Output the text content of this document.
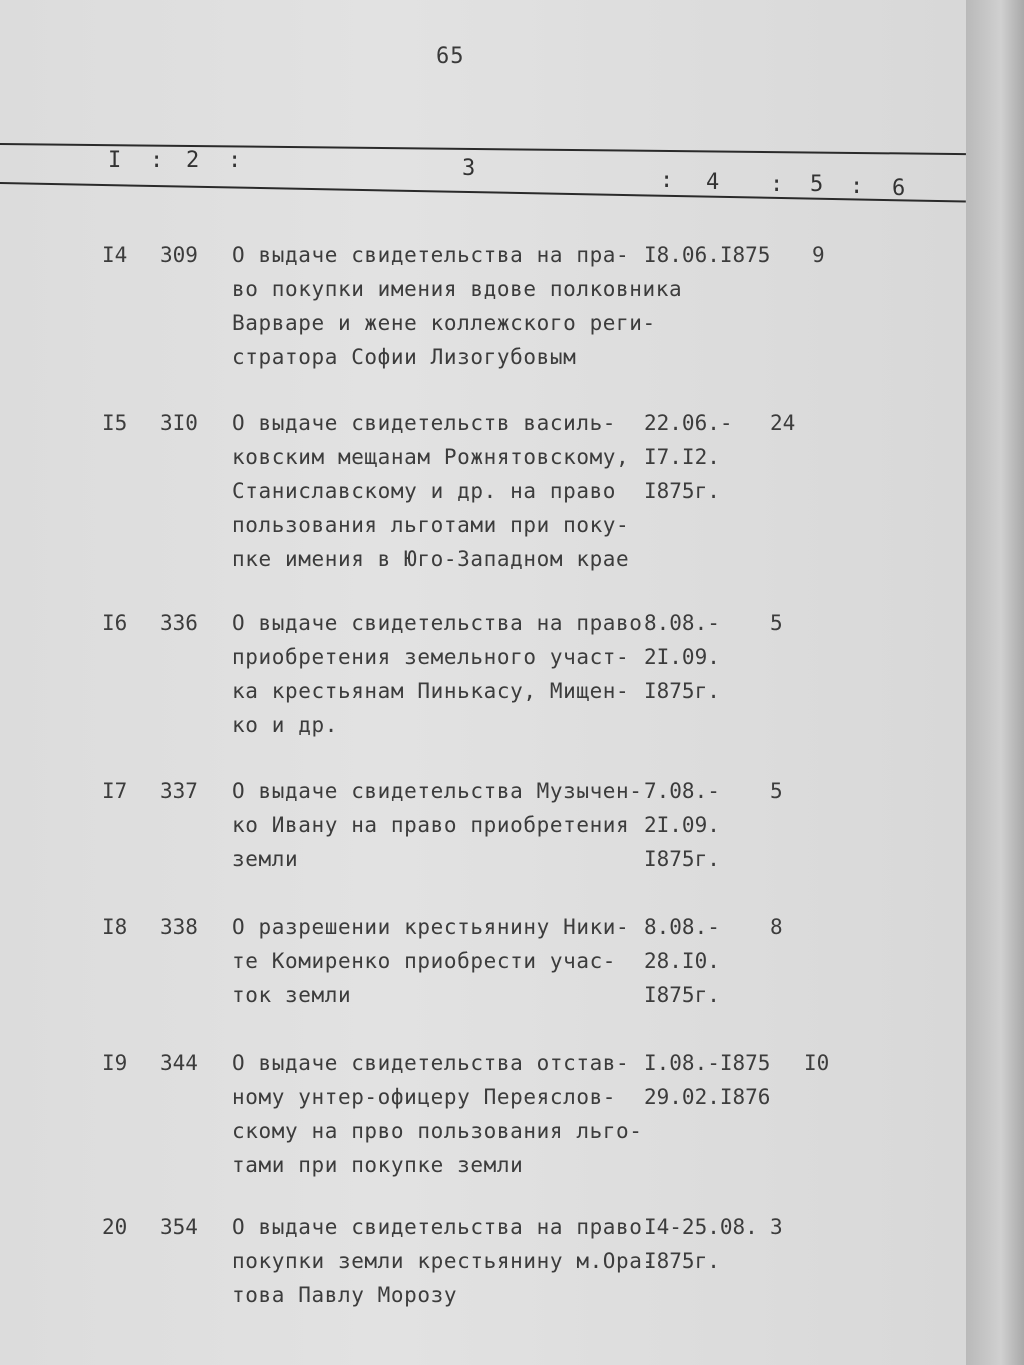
65
I : 2 :	3	: 4 : 5 : 6
I4 309 О выдаче свидетельства на пра-
во покупки имения вдове полковника
Варваре и жене коллежского реги-
стратора Софии Лизогубовым
I8.06.I875 9
I5 3I0 О выдаче свидетельств василь-
ковским мещанам Рожнятовскому,
Станиславскому и др. на право
пользования льготами при поку-
пке имения в Юго-Западном крае
22.06.-
I7.I2.
I875г.
24
I6 336 О выдаче свидетельства на право
приобретения земельного участ-
ка крестьянам Пинькасу, Мищен-
ко и др.
8.08.-
2I.09.
I875г.
5
I7 337 О выдаче свидетельства Музычен-
ко Ивану на право приобретения
земли
7.08.-
2I.09.
I875г.
5
I8 338 О разрешении крестьянину Ники-
те Комиренко приобрести учас-
ток земли
8.08.-
28.I0.
I875г.
8
I9 344 О выдаче свидетельства отстав-
ному унтер-офицеру Переяслов-
скому на прво пользования льго-
тами при покупке земли
I.08.-I875
29.02.I876
I0
20 354 О выдаче свидетельства на право
покупки земли крестьянину м.Ора-
това Павлу Морозу
I4-25.08.
I875г.
3
